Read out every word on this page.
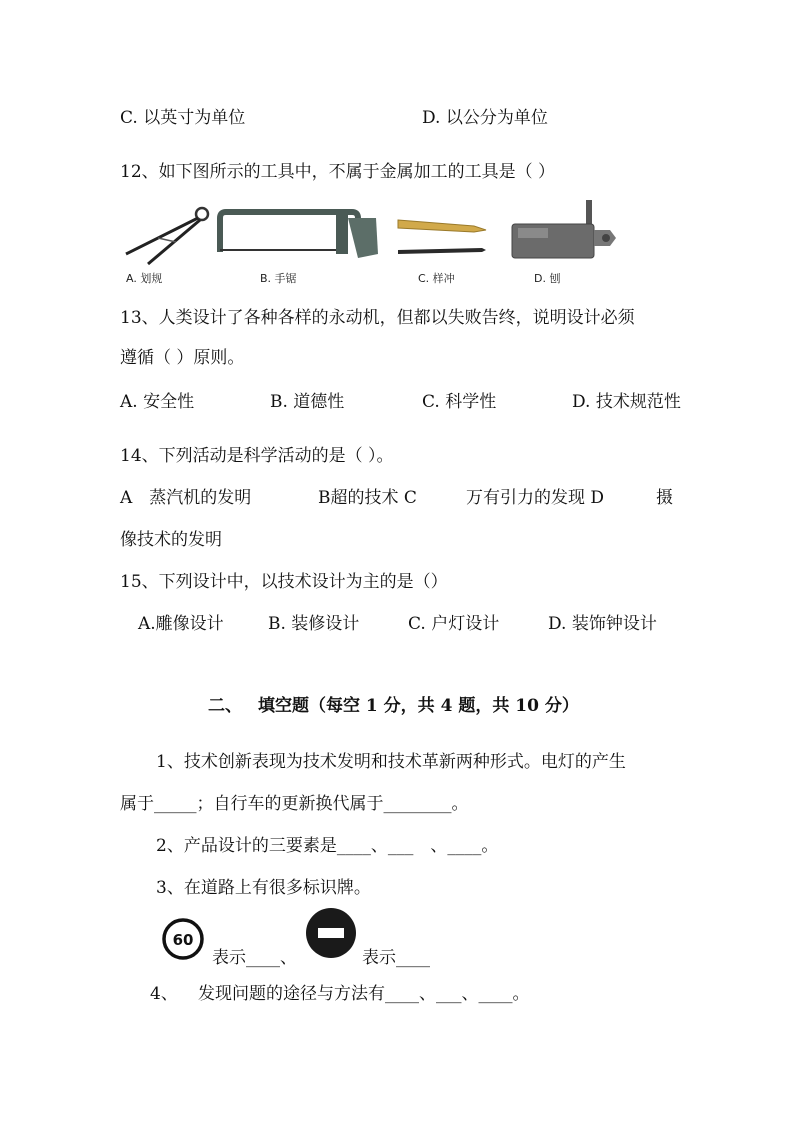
C. 以英寸为单位	D. 以公分为单位
12、如下图所示的工具中，不属于金属加工的工具是（ ）
A. 划规	B. 手锯	C. 样冲	D. 刨
13、人类设计了各种各样的永动机，但都以失败告终，说明设计必须
遵循（ ）原则。
A. 安全性	B. 道德性	C. 科学性	D. 技术规范性
14、下列活动是科学活动的是（ ）。
A　蒸汽机的发明	B超的技术 C	万有引力的发现 D	摄
像技术的发明
15、下列设计中，以技术设计为主的是（）
A.雕像设计	B. 装修设计	C. 户灯设计	D. 装饰钟设计
二、 填空题（每空 1 分，共 4 题，共 10 分）
1、技术创新表现为技术发明和技术革新两种形式。电灯的产生
属于_____；自行车的更新换代属于________。
2、产品设计的三要素是____、___　、____。
3、在道路上有很多标识牌。
60
表示____、	表示____
4、 发现问题的途径与方法有____、___、____。
